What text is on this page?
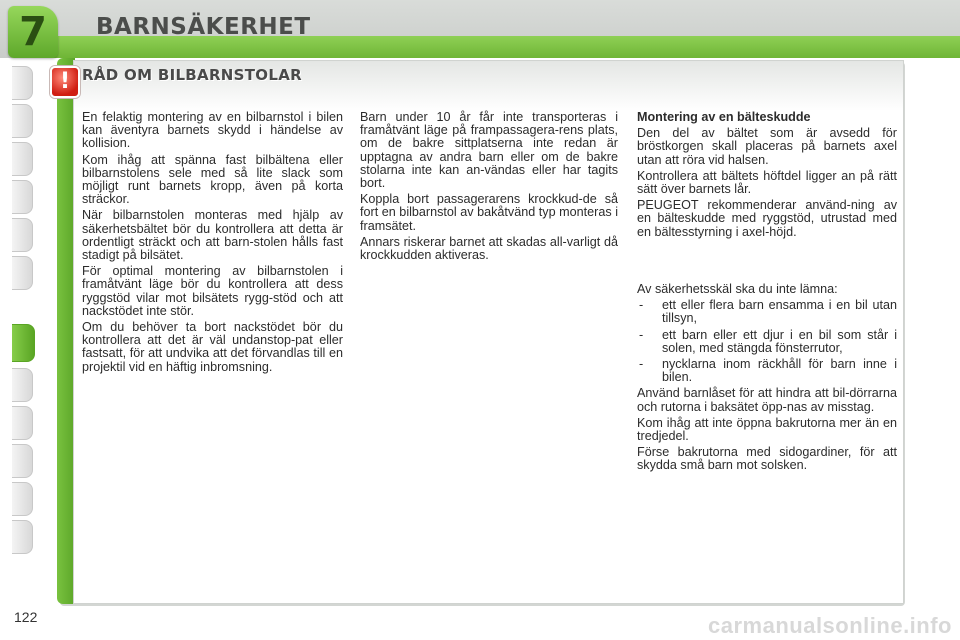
7	BARNSÄKERHET
! RÅD OM BILBARNSTOLAR

En felaktig montering av en bilbarnstol i bilen kan äventyra barnets skydd i händelse av kollision.

Kom ihåg att spänna fast bilbältena eller bilbarnstolens sele med så lite slack som möjligt runt barnets kropp, även på korta sträckor.

När bilbarnstolen monteras med hjälp av säkerhetsbältet bör du kontrollera att detta är ordentligt sträckt och att barn-stolen hålls fast stadigt på bilsätet.

För optimal montering av bilbarnstolen i framåtvänt läge bör du kontrollera att dess ryggstöd vilar mot bilsätets rygg-stöd och att nackstödet inte stör.

Om du behöver ta bort nackstödet bör du kontrollera att det är väl undanstop-pat eller fastsatt, för att undvika att det förvandlas till en projektil vid en häftig inbromsning.

Barn under 10 år får inte transporteras i framåtvänt läge på frampassagera-rens plats, om de bakre sittplatserna inte redan är upptagna av andra barn eller om de bakre stolarna inte kan an-vändas eller har tagits bort.

Koppla bort passagerarens krockkud-de så fort en bilbarnstol av bakåtvänd typ monteras i framsätet.

Annars riskerar barnet att skadas all-varligt då krockkudden aktiveras.

Montering av en bälteskudde

Den del av bältet som är avsedd för bröstkorgen skall placeras på barnets axel utan att röra vid halsen.

Kontrollera att bältets höftdel ligger an på rätt sätt över barnets lår.

PEUGEOT rekommenderar använd-ning av en bälteskudde med ryggstöd, utrustad med en bältesstyrning i axel-höjd.

Av säkerhetsskäl ska du inte lämna:

-	ett eller flera barn ensamma i en bil utan tillsyn,
-	ett barn eller ett djur i en bil som står i solen, med stängda fönsterrutor,
-	nycklarna inom räckhåll för barn inne i bilen.

Använd barnlåset för att hindra att bil-dörrarna och rutorna i baksätet öpp-nas av misstag.

Kom ihåg att inte öppna bakrutorna mer än en tredjedel.

Förse bakrutorna med sidogardiner, för att skydda små barn mot solsken.

122	carmanualsonline.info
